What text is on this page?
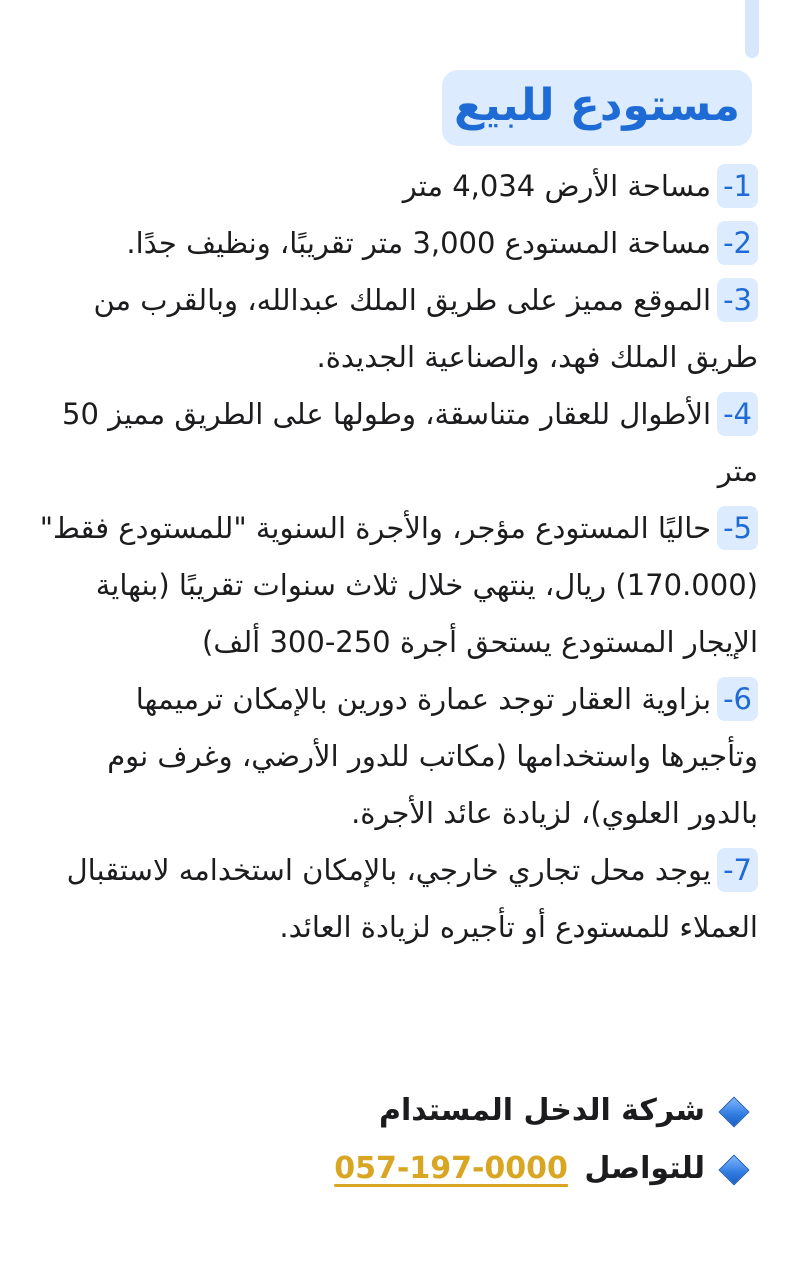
مستودع للبيع

1-مساحة الأرض 4,034 متر

2-مساحة المستودع 3,000 متر تقريبًا، ونظيف جدًا.

3-الموقع مميز على طريق الملك عبدالله، وبالقرب من طريق الملك فهد، والصناعية الجديدة.

4-الأطوال للعقار متناسقة، وطولها على الطريق مميز 50 متر

5-حاليًا المستودع مؤجر، والأجرة السنوية "للمستودع فقط" (170.000) ريال، ينتهي خلال ثلاث سنوات تقريبًا (بنهاية الإيجار المستودع يستحق أجرة 250-300 ألف)

6-بزاوية العقار توجد عمارة دورين بالإمكان ترميمها وتأجيرها واستخدامها (مكاتب للدور الأرضي، وغرف نوم بالدور العلوي)، لزيادة عائد الأجرة.

7-يوجد محل تجاري خارجي، بالإمكان استخدامه لاستقبال العملاء للمستودع أو تأجيره لزيادة العائد.

شركة الدخل المستدام
للتواصل 057-197-0000
